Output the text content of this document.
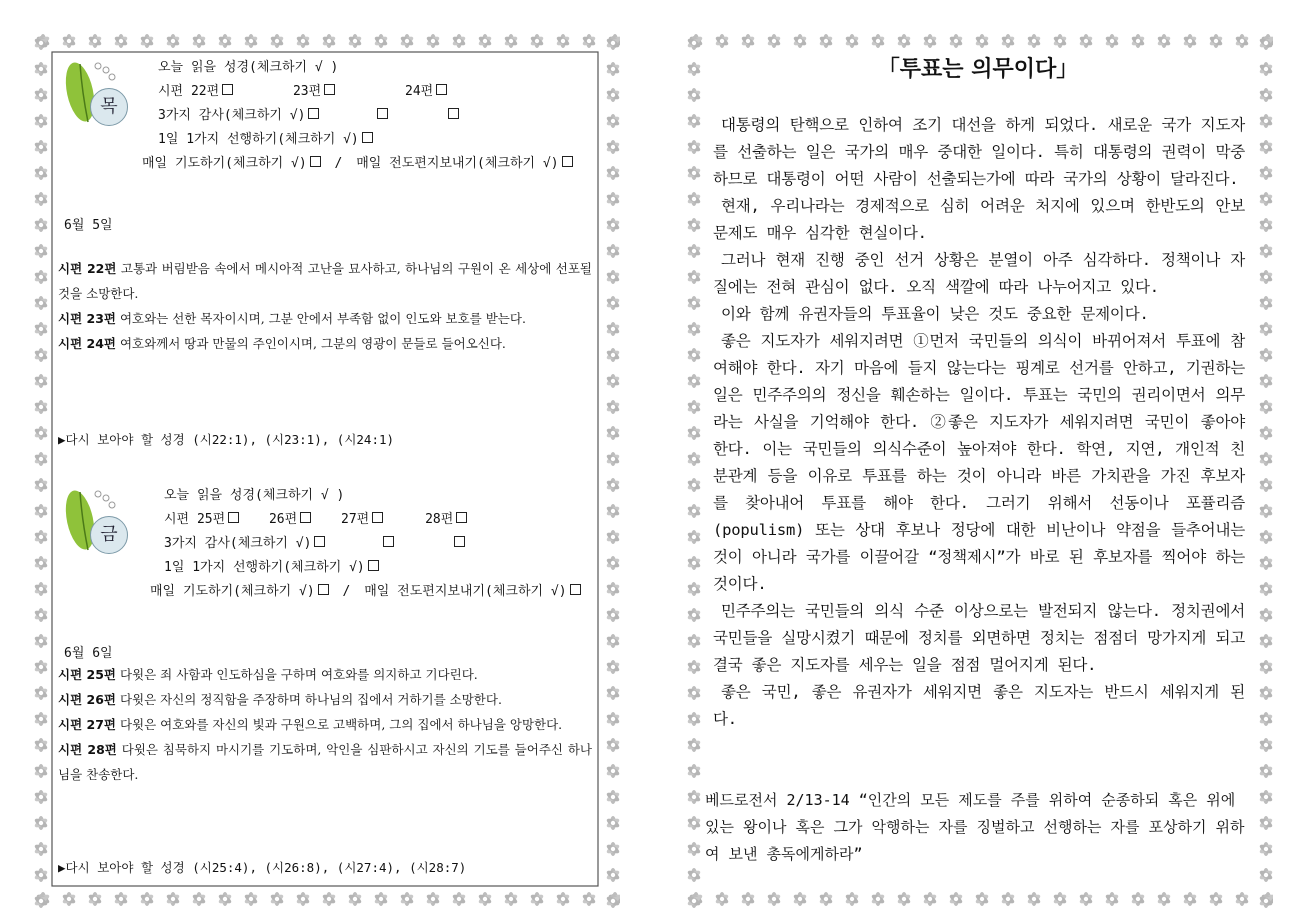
목
오늘 읽을 성경(체크하기 √ )
시편 22편	23편	24편
3가지 감사(체크하기 √)
1일 1가지 선행하기(체크하기 √)
매일 기도하기(체크하기 √) / 매일 전도편지보내기(체크하기 √)
6월 5일
시편 22편 고통과 버림받음 속에서 메시아적 고난을 묘사하고, 하나님의 구원이 온 세상에 선포될 것을 소망한다.
시편 23편 여호와는 선한 목자이시며, 그분 안에서 부족함 없이 인도와 보호를 받는다.
시편 24편 여호와께서 땅과 만물의 주인이시며, 그분의 영광이 문들로 들어오신다.
▶다시 보아야 할 성경 (시22:1), (시23:1), (시24:1)
금
오늘 읽을 성경(체크하기 √ )
시편 25편	26편	27편	28편
3가지 감사(체크하기 √)
1일 1가지 선행하기(체크하기 √)
매일 기도하기(체크하기 √) / 매일 전도편지보내기(체크하기 √)
6월 6일
시편 25편 다윗은 죄 사함과 인도하심을 구하며 여호와를 의지하고 기다린다.
시편 26편 다윗은 자신의 정직함을 주장하며 하나님의 집에서 거하기를 소망한다.
시편 27편 다윗은 여호와를 자신의 빛과 구원으로 고백하며, 그의 집에서 하나님을 앙망한다.
시편 28편 다윗은 침묵하지 마시기를 기도하며, 악인을 심판하시고 자신의 기도를 들어주신 하나님을 찬송한다.
▶다시 보아야 할 성경 (시25:4), (시26:8), (시27:4), (시28:7)
「투표는 의무이다」

대통령의 탄핵으로 인하여 조기 대선을 하게 되었다. 새로운 국가 지도자를 선출하는 일은 국가의 매우 중대한 일이다. 특히 대통령의 권력이 막중하므로 대통령이 어떤 사람이 선출되는가에 따라 국가의 상황이 달라진다.

현재, 우리나라는 경제적으로 심히 어려운 처지에 있으며 한반도의 안보 문제도 매우 심각한 현실이다.

그러나 현재 진행 중인 선거 상황은 분열이 아주 심각하다. 정책이나 자질에는 전혀 관심이 없다. 오직 색깔에 따라 나누어지고 있다.

이와 함께 유권자들의 투표율이 낮은 것도 중요한 문제이다.

좋은 지도자가 세워지려면 ①먼저 국민들의 의식이 바뀌어져서 투표에 참여해야 한다. 자기 마음에 들지 않는다는 핑계로 선거를 안하고, 기권하는 일은 민주주의의 정신을 훼손하는 일이다. 투표는 국민의 권리이면서 의무라는 사실을 기억해야 한다. ②좋은 지도자가 세워지려면 국민이 좋아야 한다. 이는 국민들의 의식수준이 높아져야 한다. 학연, 지연, 개인적 친분관계 등을 이유로 투표를 하는 것이 아니라 바른 가치관을 가진 후보자를 찾아내어 투표를 해야 한다. 그러기 위해서 선동이나 포퓰리즘(populism) 또는 상대 후보나 정당에 대한 비난이나 약점을 들추어내는 것이 아니라 국가를 이끌어갈 “정책제시”가 바로 된 후보자를 찍어야 하는 것이다.

민주주의는 국민들의 의식 수준 이상으로는 발전되지 않는다. 정치권에서 국민들을 실망시켰기 때문에 정치를 외면하면 정치는 점점더 망가지게 되고 결국 좋은 지도자를 세우는 일을 점점 멀어지게 된다.

좋은 국민, 좋은 유권자가 세워지면 좋은 지도자는 반드시 세워지게 된다.

베드로전서 2/13-14 “인간의 모든 제도를 주를 위하여 순종하되 혹은 위에 있는 왕이나 혹은 그가 악행하는 자를 징벌하고 선행하는 자를 포상하기 위하여 보낸 총독에게하라”
